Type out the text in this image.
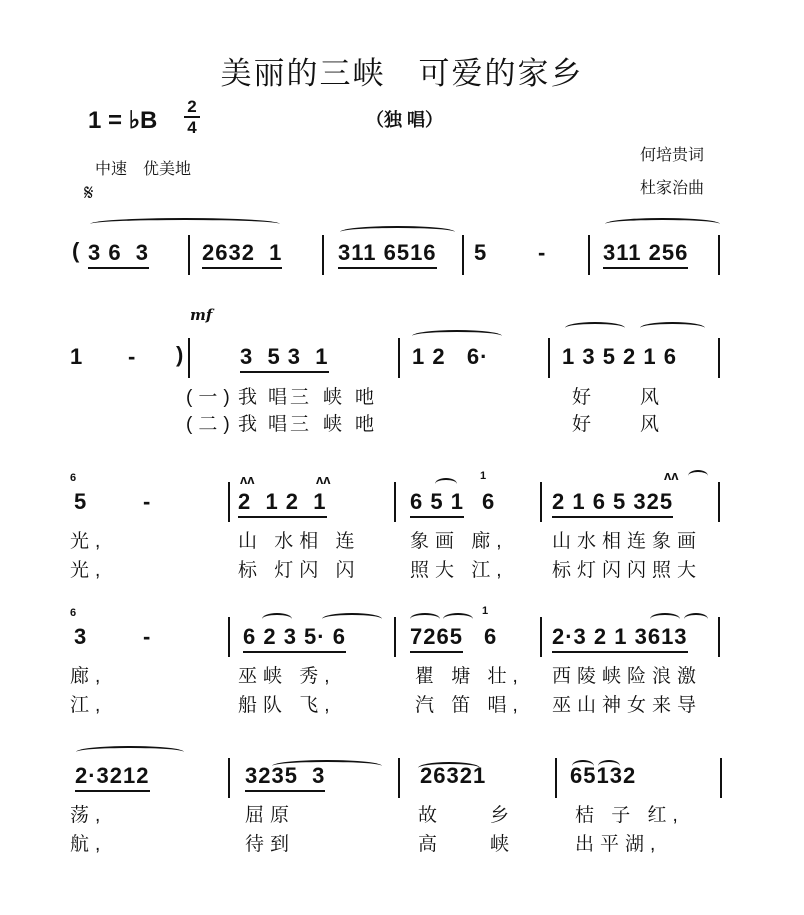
美丽的三峡　可爱的家乡
1 = ♭B
2
4	（独 唱）
何培贵词
杜家治曲
中速　优美地
𝄋
mf
( 3 6  3 2632  1	311 6516 5 -	311 256
1 - )	3  5 3  1	1 2   6·	1 3 5 2 1 6
(一) 我 唱
三 峡 吔	好 风
(二) 我 唱
三 峡 吔	好 风
6	1
5	-
ʌʌ	ʌʌ
2  1 2  1	6 5 1 6
ʌʌ
2 1 6 5 325
光,	山 水相 连	象画 廊, 山水相连象画
光,	标 灯闪 闪	照大 江, 标灯闪闪照大
6	1
3	-	6 2 3 5· 6	7265 6 2·3 2 1 3613
廊,	巫峡 秀,	瞿 塘 壮, 西陵峡险浪激
江,	船队 飞,	汽 笛 唱, 巫山神女来导
2·3212	3235  3	26321	65132
荡,	屈原	故 乡	桔 子 红,
航,	待到	高 峡	出平湖,
